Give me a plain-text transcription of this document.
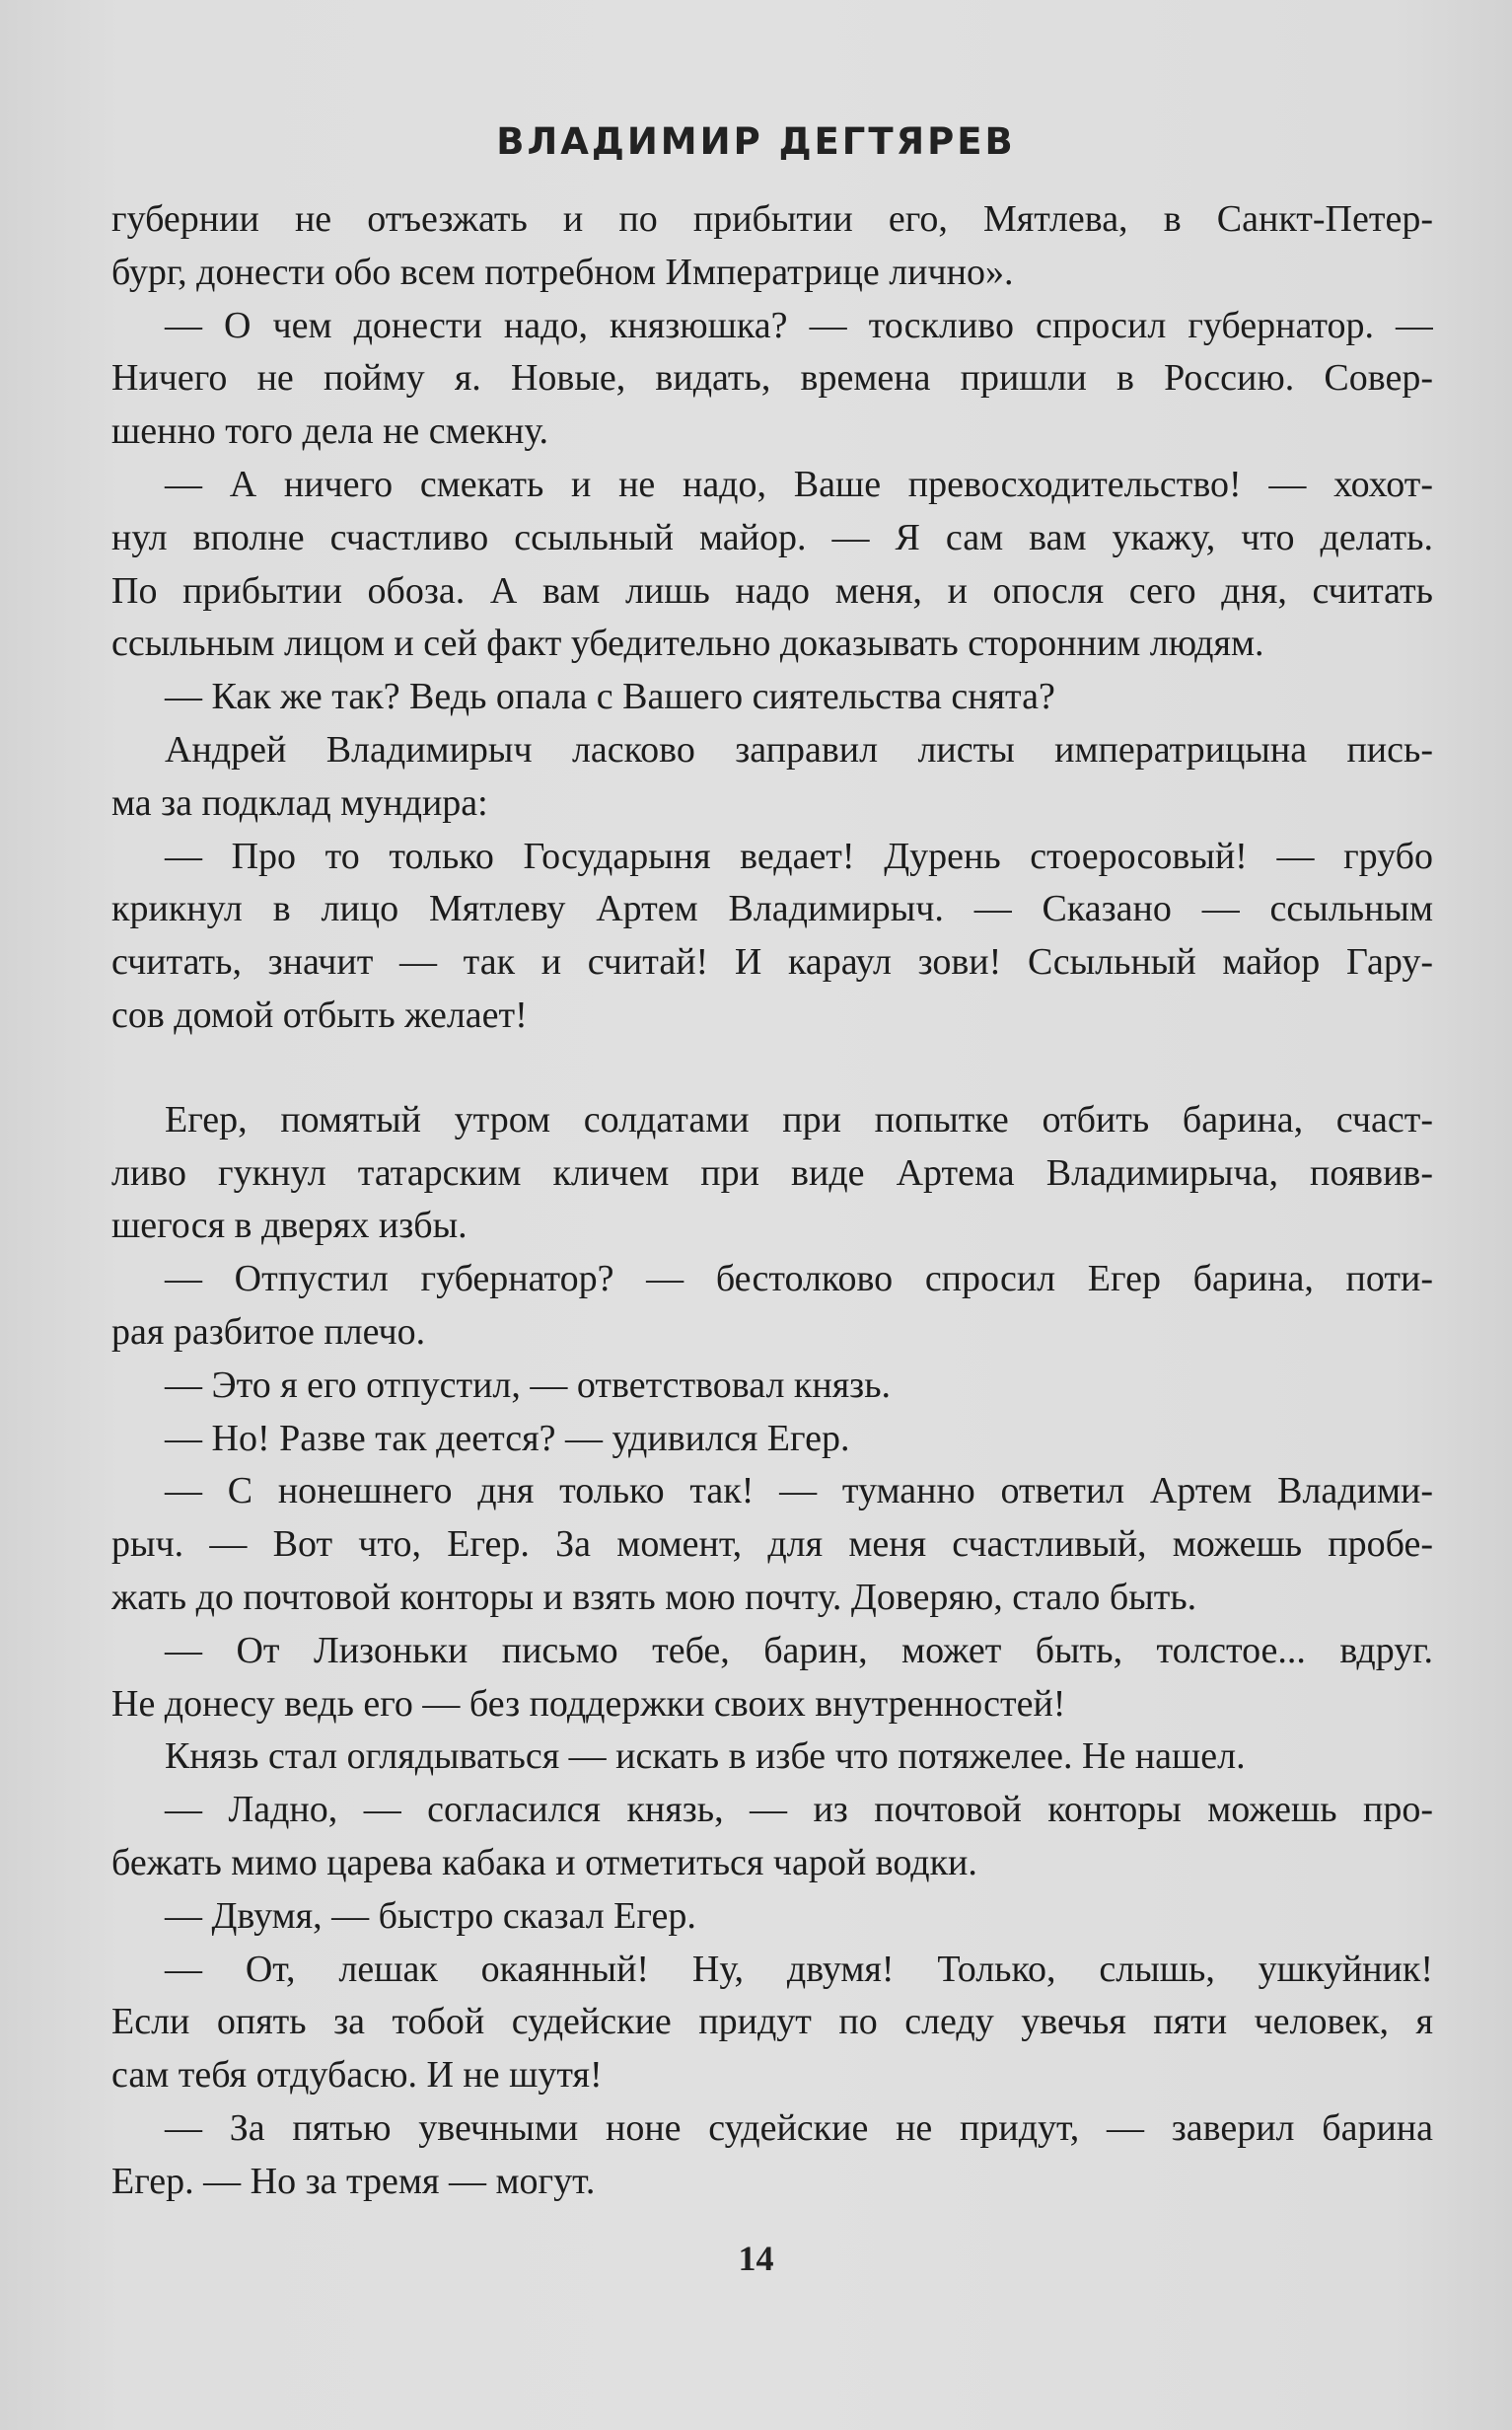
ВЛАДИМИР ДЕГТЯРЕВ
губернии не отъезжать и по прибытии его, Мятлева, в Санкт-Петер-
бург, донести обо всем потребном Императрице лично».
— О чем донести надо, князюшка? — тоскливо спросил губернатор. —
Ничего не пойму я. Новые, видать, времена пришли в Россию. Совер-
шенно того дела не смекну.
— А ничего смекать и не надо, Ваше превосходительство! — хохот-
нул вполне счастливо ссыльный майор. — Я сам вам укажу, что делать.
По прибытии обоза. А вам лишь надо меня, и опосля сего дня, считать
ссыльным лицом и сей факт убедительно доказывать сторонним людям.
— Как же так? Ведь опала с Вашего сиятельства снята?
Андрей Владимирыч ласково заправил листы императрицына пись-
ма за подклад мундира:
— Про то только Государыня ведает! Дурень стоеросовый! — грубо
крикнул в лицо Мятлеву Артем Владимирыч. — Сказано — ссыльным
считать, значит — так и считай! И караул зови! Ссыльный майор Гару-
сов домой отбыть желает!
Егер, помятый утром солдатами при попытке отбить барина, счаст-
ливо гукнул татарским кличем при виде Артема Владимирыча, появив-
шегося в дверях избы.
— Отпустил губернатор? — бестолково спросил Егер барина, поти-
рая разбитое плечо.
— Это я его отпустил, — ответствовал князь.
— Но! Разве так деется? — удивился Егер.
— С нонешнего дня только так! — туманно ответил Артем Владими-
рыч. — Вот что, Егер. За момент, для меня счастливый, можешь пробе-
жать до почтовой конторы и взять мою почту. Доверяю, стало быть.
— От Лизоньки письмо тебе, барин, может быть, толстое... вдруг.
Не донесу ведь его — без поддержки своих внутренностей!
Князь стал оглядываться — искать в избе что потяжелее. Не нашел.
— Ладно, — согласился князь, — из почтовой конторы можешь про-
бежать мимо царева кабака и отметиться чарой водки.
— Двумя, — быстро сказал Егер.
— От, лешак окаянный! Ну, двумя! Только, слышь, ушкуйник!
Если опять за тобой судейские придут по следу увечья пяти человек, я
сам тебя отдубасю. И не шутя!
— За пятью увечными ноне судейские не придут, — заверил барина
Егер. — Но за тремя — могут.
14
